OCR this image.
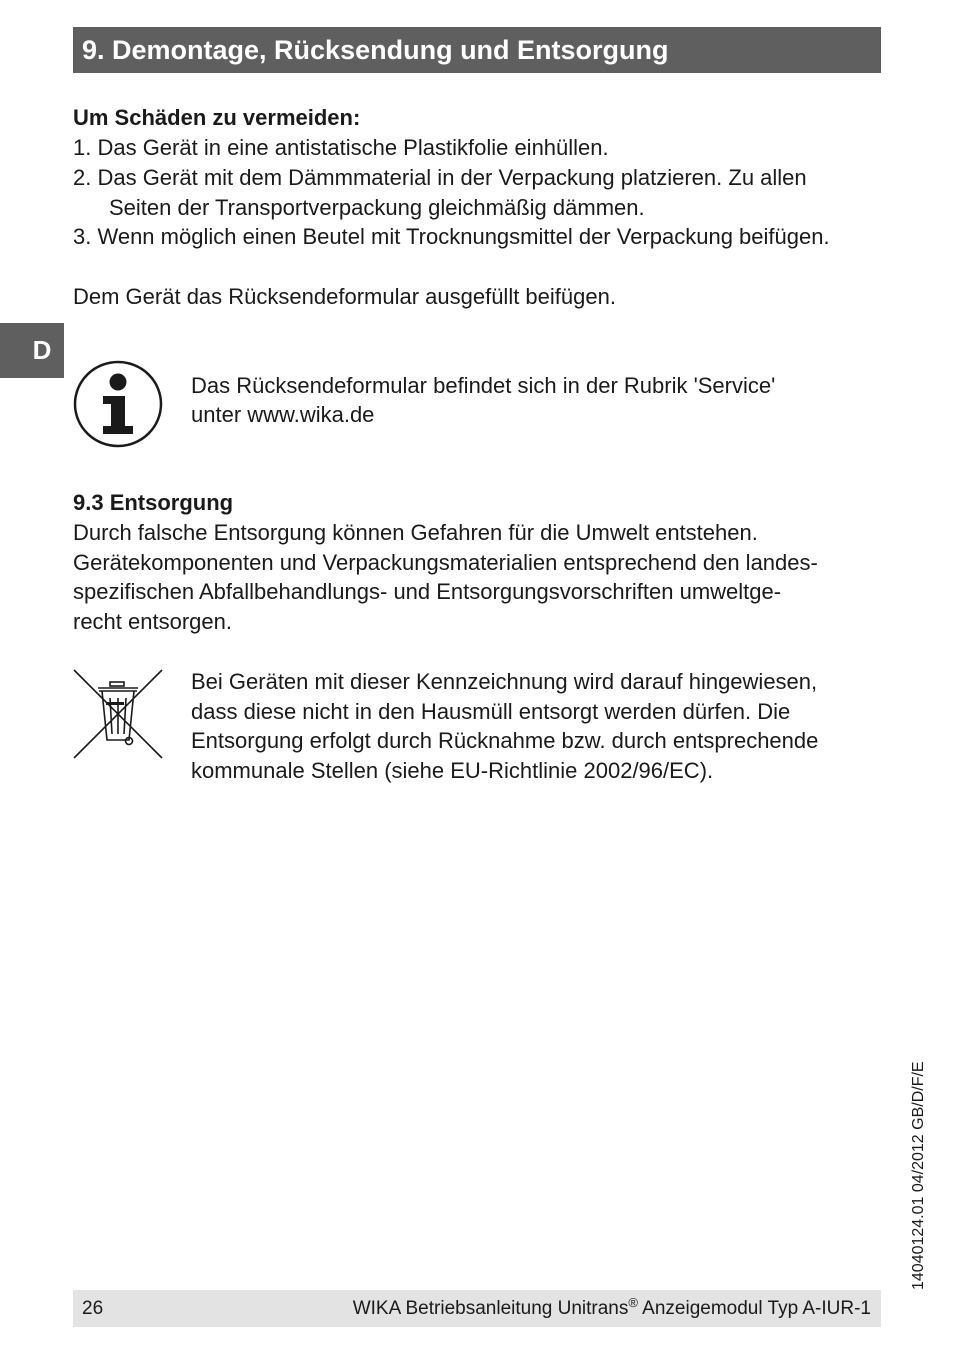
9. Demontage, Rücksendung und Entsorgung
D
Um Schäden zu vermeiden:
1. Das Gerät in eine antistatische Plastikfolie einhüllen.
2. Das Gerät mit dem Dämmmaterial in der Verpackung platzieren. Zu allen
Seiten der Transportverpackung gleichmäßig dämmen.
3. Wenn möglich einen Beutel mit Trocknungsmittel der Verpackung beifügen.
Dem Gerät das Rücksendeformular ausgefüllt beifügen.
Das Rücksendeformular befindet sich in der Rubrik 'Service'
unter www.wika.de
9.3 Entsorgung
Durch falsche Entsorgung können Gefahren für die Umwelt entstehen.
Gerätekomponenten und Verpackungsmaterialien entsprechend den landes-
spezifischen Abfallbehandlungs- und Entsorgungsvorschriften umweltge-
recht entsorgen.
Bei Geräten mit dieser Kennzeichnung wird darauf hingewiesen,
dass diese nicht in den Hausmüll entsorgt werden dürfen. Die
Entsorgung erfolgt durch Rücknahme bzw. durch entsprechende
kommunale Stellen (siehe EU-Richtlinie 2002/96/EC).
14040124.01 04/2012 GB/D/F/E
26	WIKA Betriebsanleitung Unitrans® Anzeigemodul Typ A-IUR-1
